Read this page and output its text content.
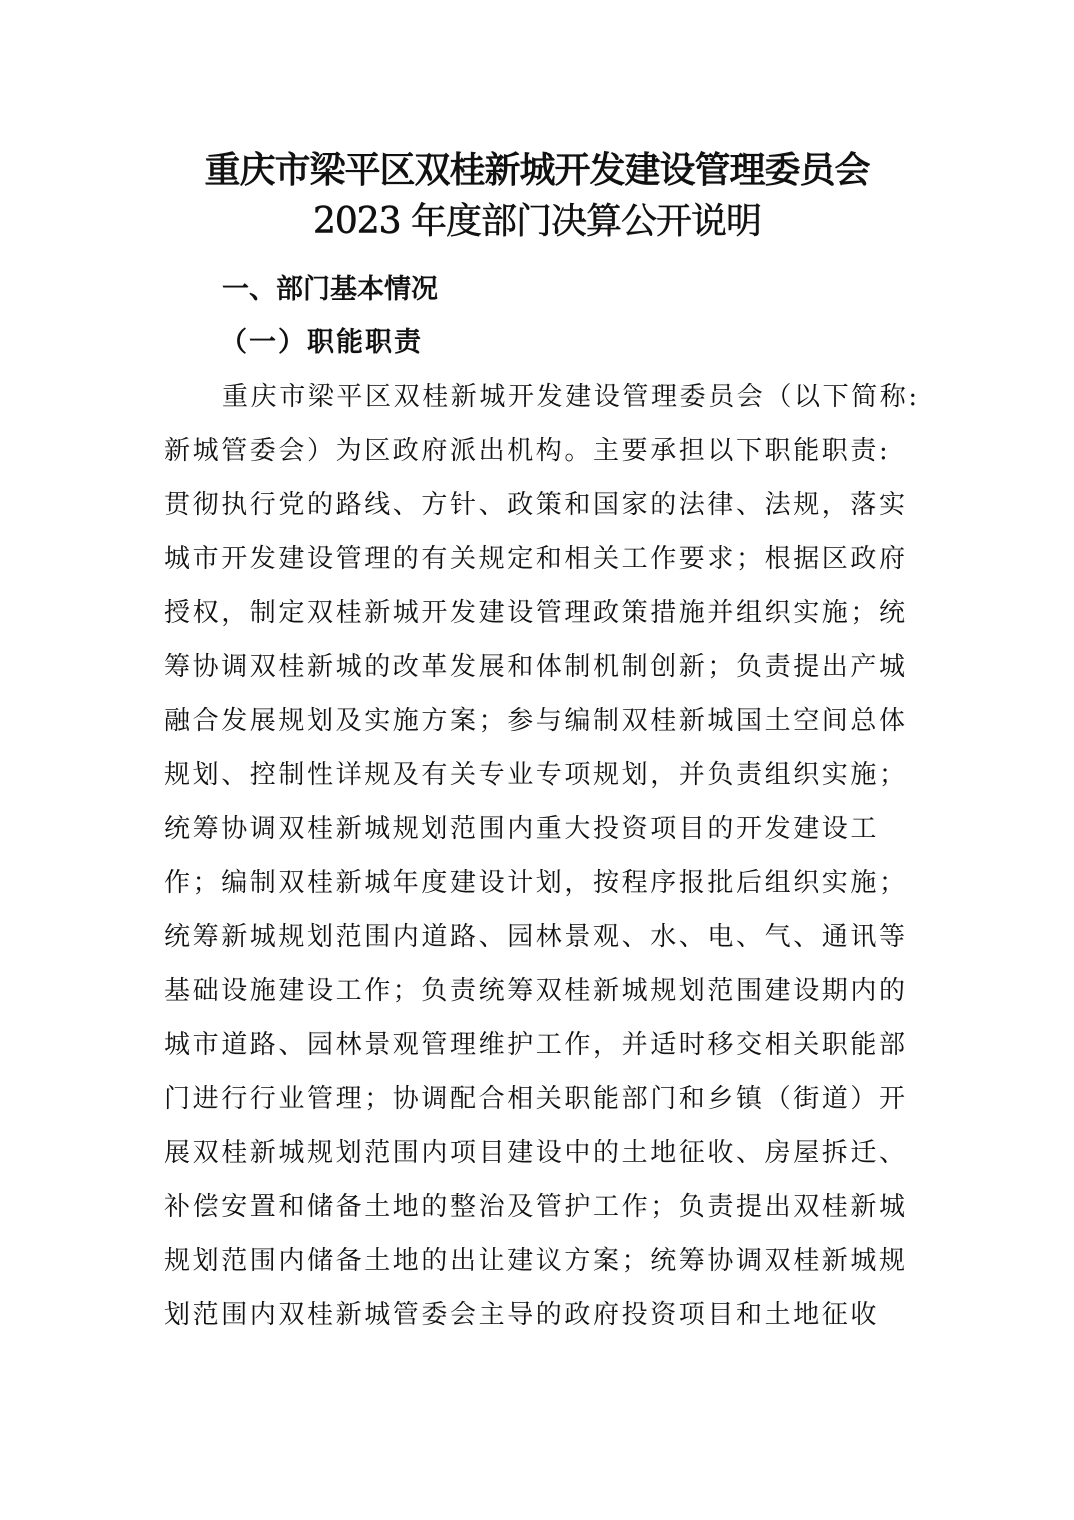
重庆市梁平区双桂新城开发建设管理委员会
2023 年度部门决算公开说明
一、部门基本情况
（一）职能职责
重庆市梁平区双桂新城开发建设管理委员会（以下简称:
新城管委会）为区政府派出机构。主要承担以下职能职责:
贯彻执行党的路线、方针、政策和国家的法律、法规，落实
城市开发建设管理的有关规定和相关工作要求；根据区政府
授权，制定双桂新城开发建设管理政策措施并组织实施；统
筹协调双桂新城的改革发展和体制机制创新；负责提出产城
融合发展规划及实施方案；参与编制双桂新城国土空间总体
规划、控制性详规及有关专业专项规划，并负责组织实施；
统筹协调双桂新城规划范围内重大投资项目的开发建设工
作；编制双桂新城年度建设计划，按程序报批后组织实施；
统筹新城规划范围内道路、园林景观、水、电、气、通讯等
基础设施建设工作；负责统筹双桂新城规划范围建设期内的
城市道路、园林景观管理维护工作，并适时移交相关职能部
门进行行业管理；协调配合相关职能部门和乡镇（街道）开
展双桂新城规划范围内项目建设中的土地征收、房屋拆迁、
补偿安置和储备土地的整治及管护工作；负责提出双桂新城
规划范围内储备土地的出让建议方案；统筹协调双桂新城规
划范围内双桂新城管委会主导的政府投资项目和土地征收
